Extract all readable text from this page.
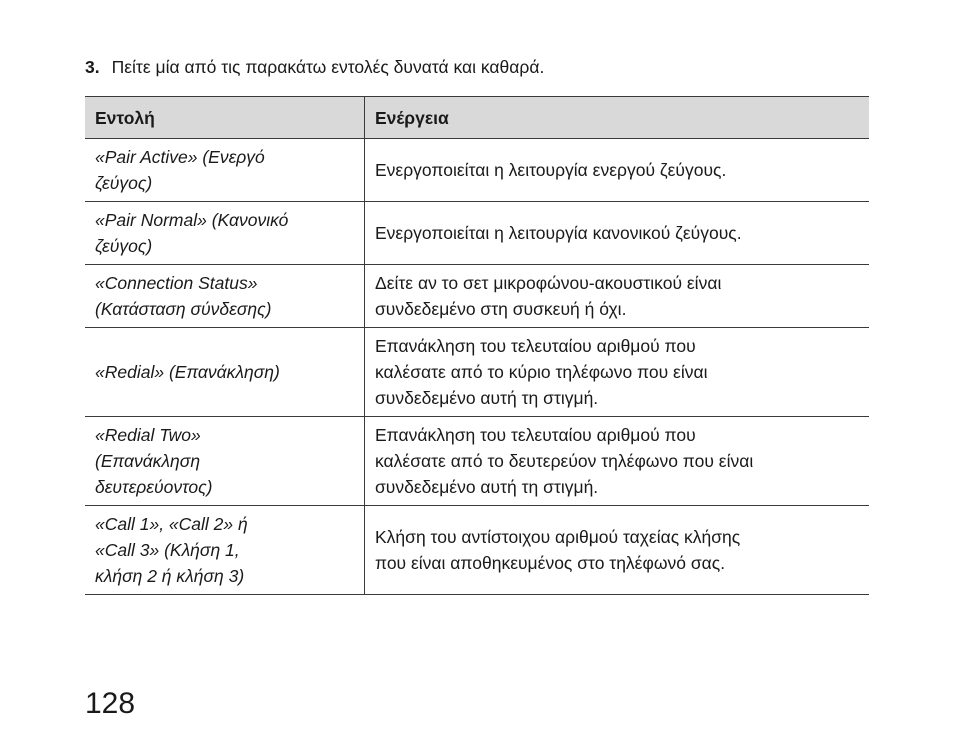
3. Πείτε μία από τις παρακάτω εντολές δυνατά και καθαρά.
Εντολή	Ενέργεια
«Pair Active» (Ενεργό
ζεύγος)	Ενεργοποιείται η λειτουργία ενεργού ζεύγους.
«Pair Normal» (Κανονικό
ζεύγος)	Ενεργοποιείται η λειτουργία κανονικού ζεύγους.
«Connection Status»
(Κατάσταση σύνδεσης)	Δείτε αν το σετ μικροφώνου-ακουστικού είναι
συνδεδεμένο στη συσκευή ή όχι.
«Redial» (Επανάκληση)	Επανάκληση του τελευταίου αριθμού που
καλέσατε από το κύριο τηλέφωνο που είναι
συνδεδεμένο αυτή τη στιγμή.
«Redial Two»
(Επανάκληση
δευτερεύοντος)	Επανάκληση του τελευταίου αριθμού που
καλέσατε από το δευτερεύον τηλέφωνο που είναι
συνδεδεμένο αυτή τη στιγμή.
«Call 1», «Call 2» ή
«Call 3» (Κλήση 1,
κλήση 2 ή κλήση 3)	Κλήση του αντίστοιχου αριθμού ταχείας κλήσης
που είναι αποθηκευμένος στο τηλέφωνό σας.
128
